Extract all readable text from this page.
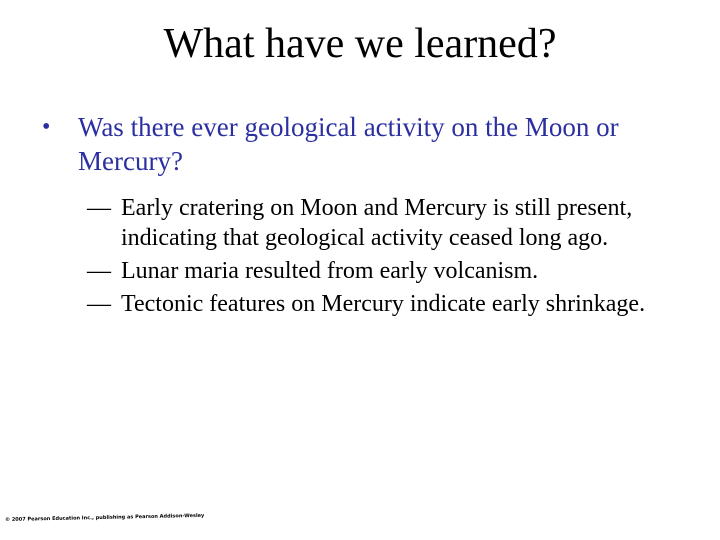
What have we learned?
• Was there ever geological activity on the Moon or Mercury?
— Early cratering on Moon and Mercury is still present, indicating that geological activity ceased long ago.
— Lunar maria resulted from early volcanism.
— Tectonic features on Mercury indicate early shrinkage.
© 2007 Pearson Education Inc., publishing as Pearson Addison-Wesley
